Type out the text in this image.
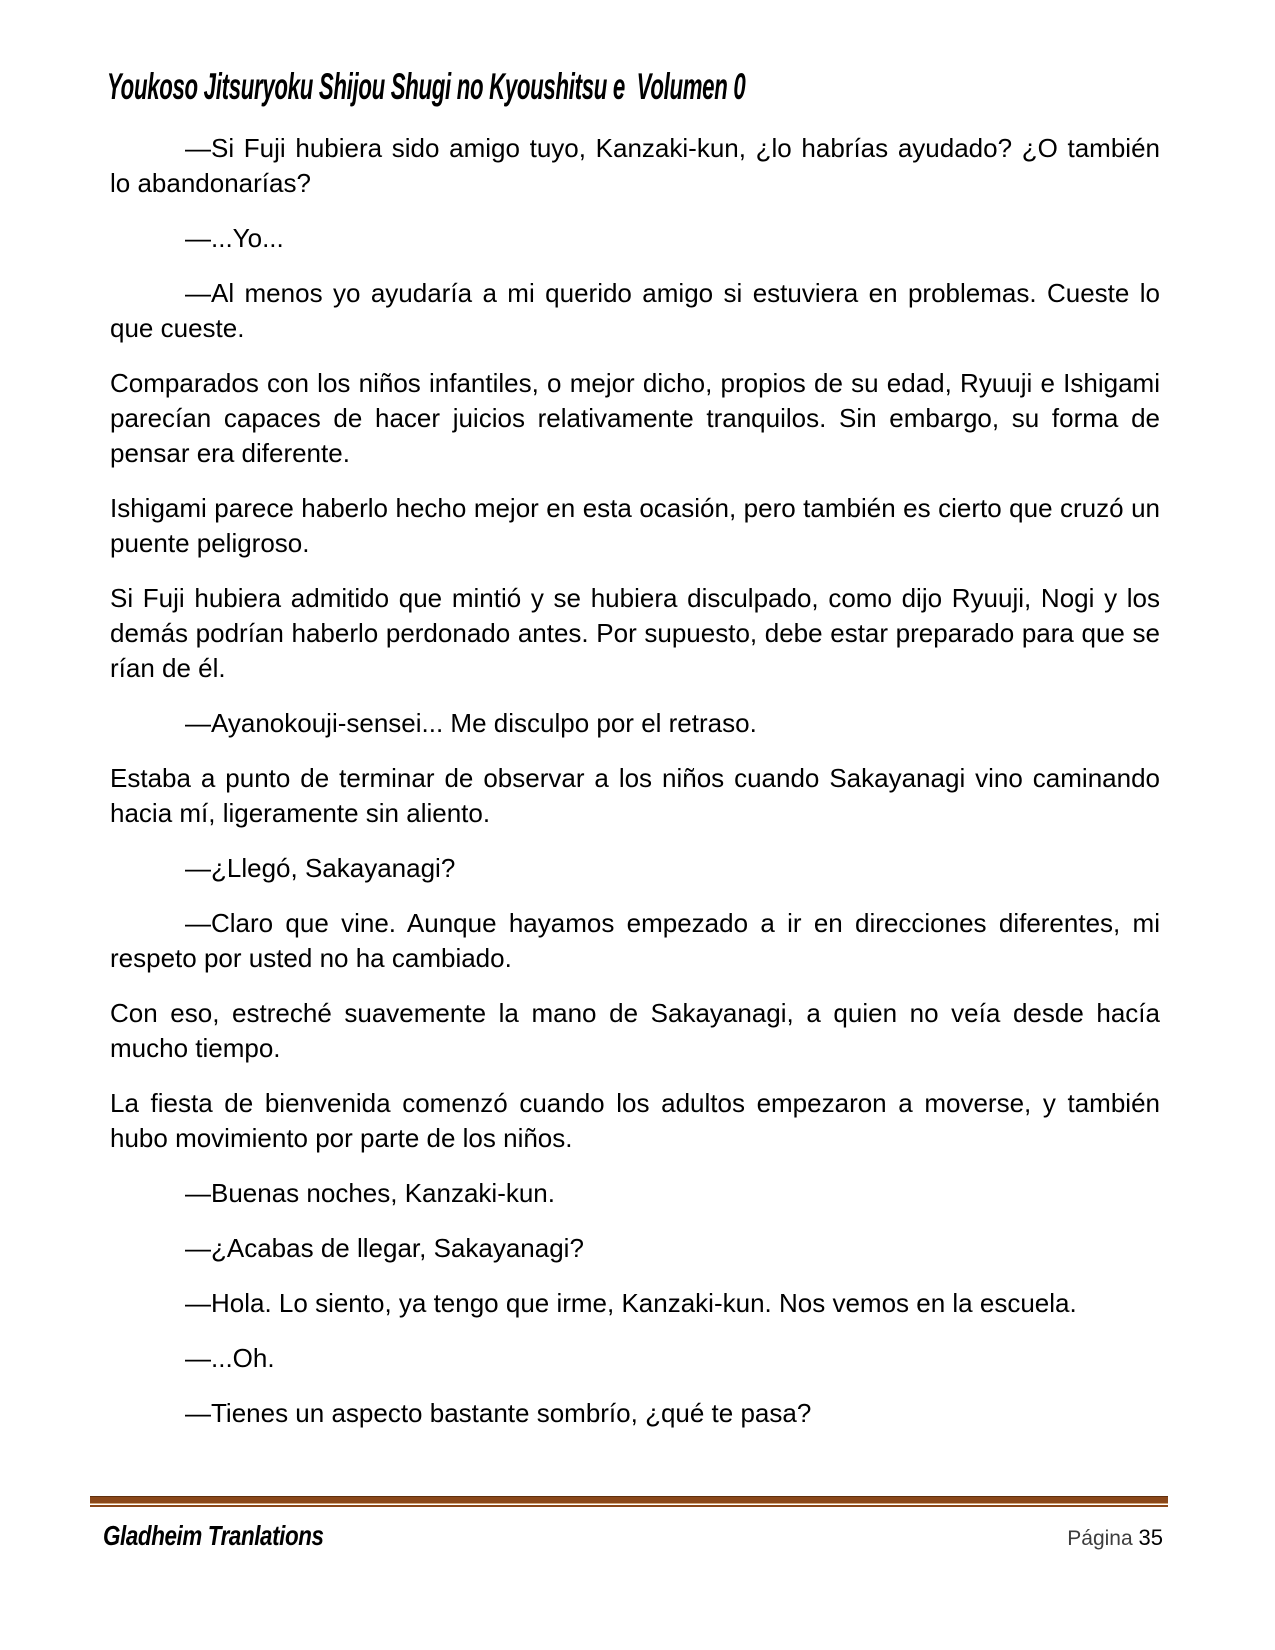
Youkoso Jitsuryoku Shijou Shugi no Kyoushitsu e  Volumen 0

—Si Fuji hubiera sido amigo tuyo, Kanzaki-kun, ¿lo habrías ayudado? ¿O también lo abandonarías?

—...Yo...

—Al menos yo ayudaría a mi querido amigo si estuviera en problemas. Cueste lo que cueste.

Comparados con los niños infantiles, o mejor dicho, propios de su edad, Ryuuji e Ishigami parecían capaces de hacer juicios relativamente tranquilos. Sin embargo, su forma de pensar era diferente.

Ishigami parece haberlo hecho mejor en esta ocasión, pero también es cierto que cruzó un puente peligroso.

Si Fuji hubiera admitido que mintió y se hubiera disculpado, como dijo Ryuuji, Nogi y los demás podrían haberlo perdonado antes. Por supuesto, debe estar preparado para que se rían de él.

—Ayanokouji-sensei... Me disculpo por el retraso.

Estaba a punto de terminar de observar a los niños cuando Sakayanagi vino caminando hacia mí, ligeramente sin aliento.

—¿Llegó, Sakayanagi?

—Claro que vine. Aunque hayamos empezado a ir en direcciones diferentes, mi respeto por usted no ha cambiado.

Con eso, estreché suavemente la mano de Sakayanagi, a quien no veía desde hacía mucho tiempo.

La fiesta de bienvenida comenzó cuando los adultos empezaron a moverse, y también hubo movimiento por parte de los niños.

—Buenas noches, Kanzaki-kun.

—¿Acabas de llegar, Sakayanagi?

—Hola. Lo siento, ya tengo que irme, Kanzaki-kun. Nos vemos en la escuela.

—...Oh.

—Tienes un aspecto bastante sombrío, ¿qué te pasa?

Gladheim Tranlations	Página 35
